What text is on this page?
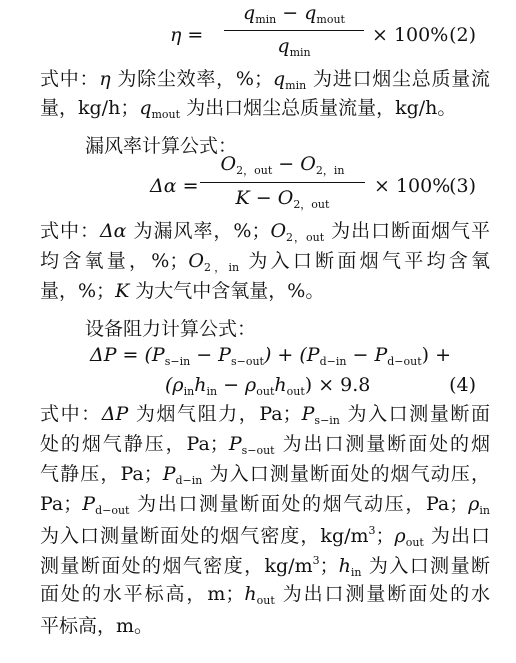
η =
$q_{min} - q_{mout}$
$q_{min}$
× 100% (2)
式中：η 为除尘效率，%；$q_{min}$ 为进口烟尘总质量流
量，kg/h；$q_{mout}$ 为出口烟尘总质量流量，kg/h。
漏风率计算公式：
Δα =
$O_{2,out} - O_{2,in}$
$K - O_{2,out}$
× 100%
(3)
式中：Δα 为漏风率，%；$O_{2,out}$ 为出口断面烟气平
均含氧量，%；$O_{2,in}$ 为入口断面烟气平均含氧
量，%；K 为大气中含氧量，%。
设备阻力计算公式：
$\Delta P = (P_{s-in} - P_{s-out}) + (P_{d-in} - P_{d-out})$ +
$(\rho_{in}h_{in} - \rho_{out}h_{out}) \times 9.8$	(4)
式中：ΔP 为烟气阻力，Pa；$P_{s-in}$ 为入口测量断面
处的烟气静压，Pa；$P_{s-out}$ 为出口测量断面处的烟
气静压，Pa；$P_{d-in}$ 为入口测量断面处的烟气动压，
Pa；$P_{d-out}$ 为出口测量断面处的烟气动压，Pa；$\rho_{in}$
为入口测量断面处的烟气密度，$kg/m^3$；$\rho_{out}$ 为出口
测量断面处的烟气密度，$kg/m^3$；$h_{in}$ 为入口测量断
面处的水平标高，m；$h_{out}$ 为出口测量断面处的水
平标高，m。
